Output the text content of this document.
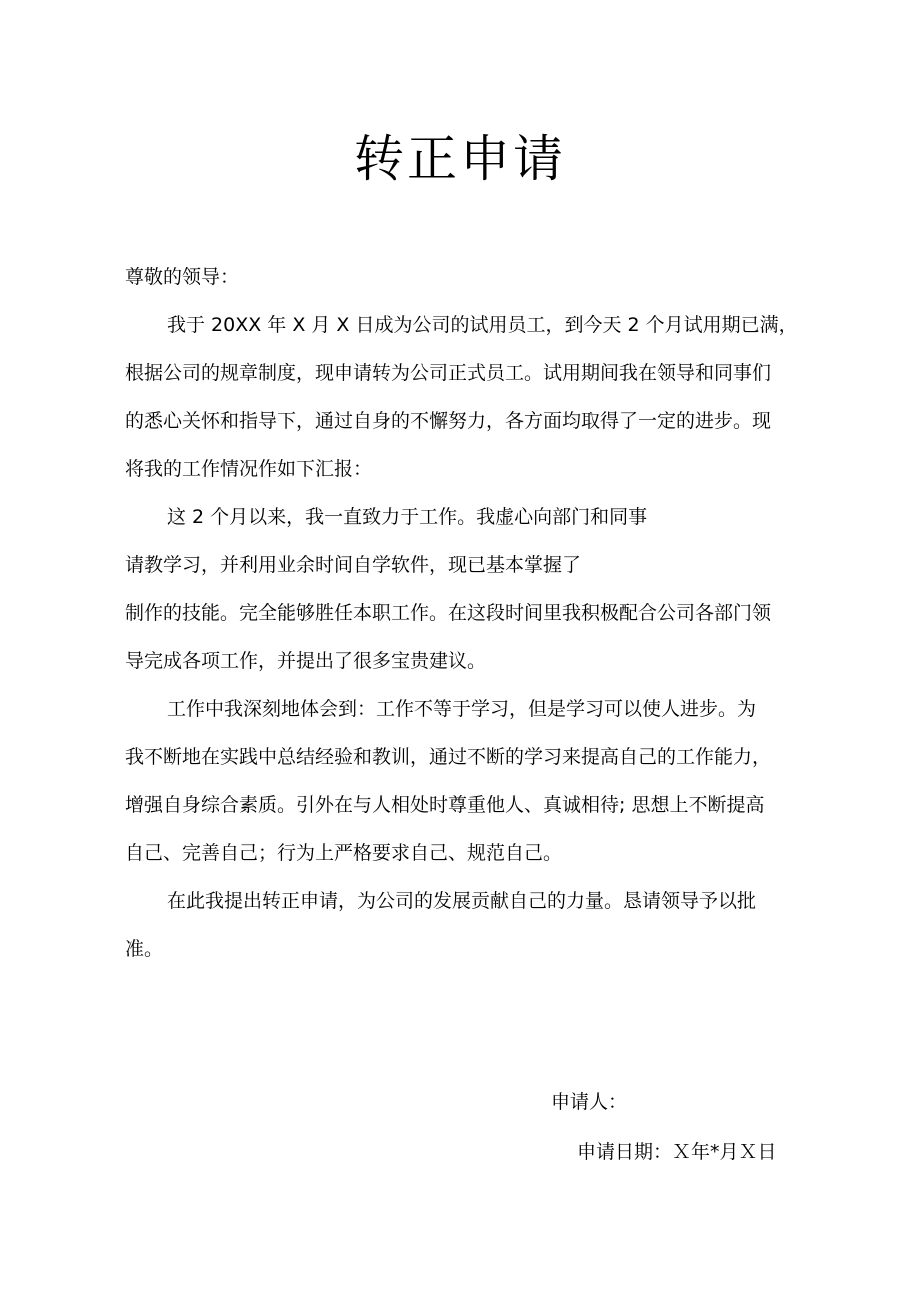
转正申请
尊敬的领导：
我于 20XX 年 X 月 X 日成为公司的试用员工，到今天 2 个月试用期已满，
根据公司的规章制度，现申请转为公司正式员工。试用期间我在领导和同事们
的悉心关怀和指导下，通过自身的不懈努力，各方面均取得了一定的进步。现
将我的工作情况作如下汇报：
这 2 个月以来，我一直致力于工作。我虚心向部门和同事
请教学习，并利用业余时间自学软件，现已基本掌握了
制作的技能。完全能够胜任本职工作。在这段时间里我积极配合公司各部门领
导完成各项工作，并提出了很多宝贵建议。
工作中我深刻地体会到：工作不等于学习，但是学习可以使人进步。为
我不断地在实践中总结经验和教训，通过不断的学习来提高自己的工作能力，
增强自身综合素质。引外在与人相处时尊重他人、真诚相待; 思想上不断提高
自己、完善自己；行为上严格要求自己、规范自己。
在此我提出转正申请，为公司的发展贡献自己的力量。恳请领导予以批
准。
申请人：
申请日期：Ｘ年*月Ｘ日
